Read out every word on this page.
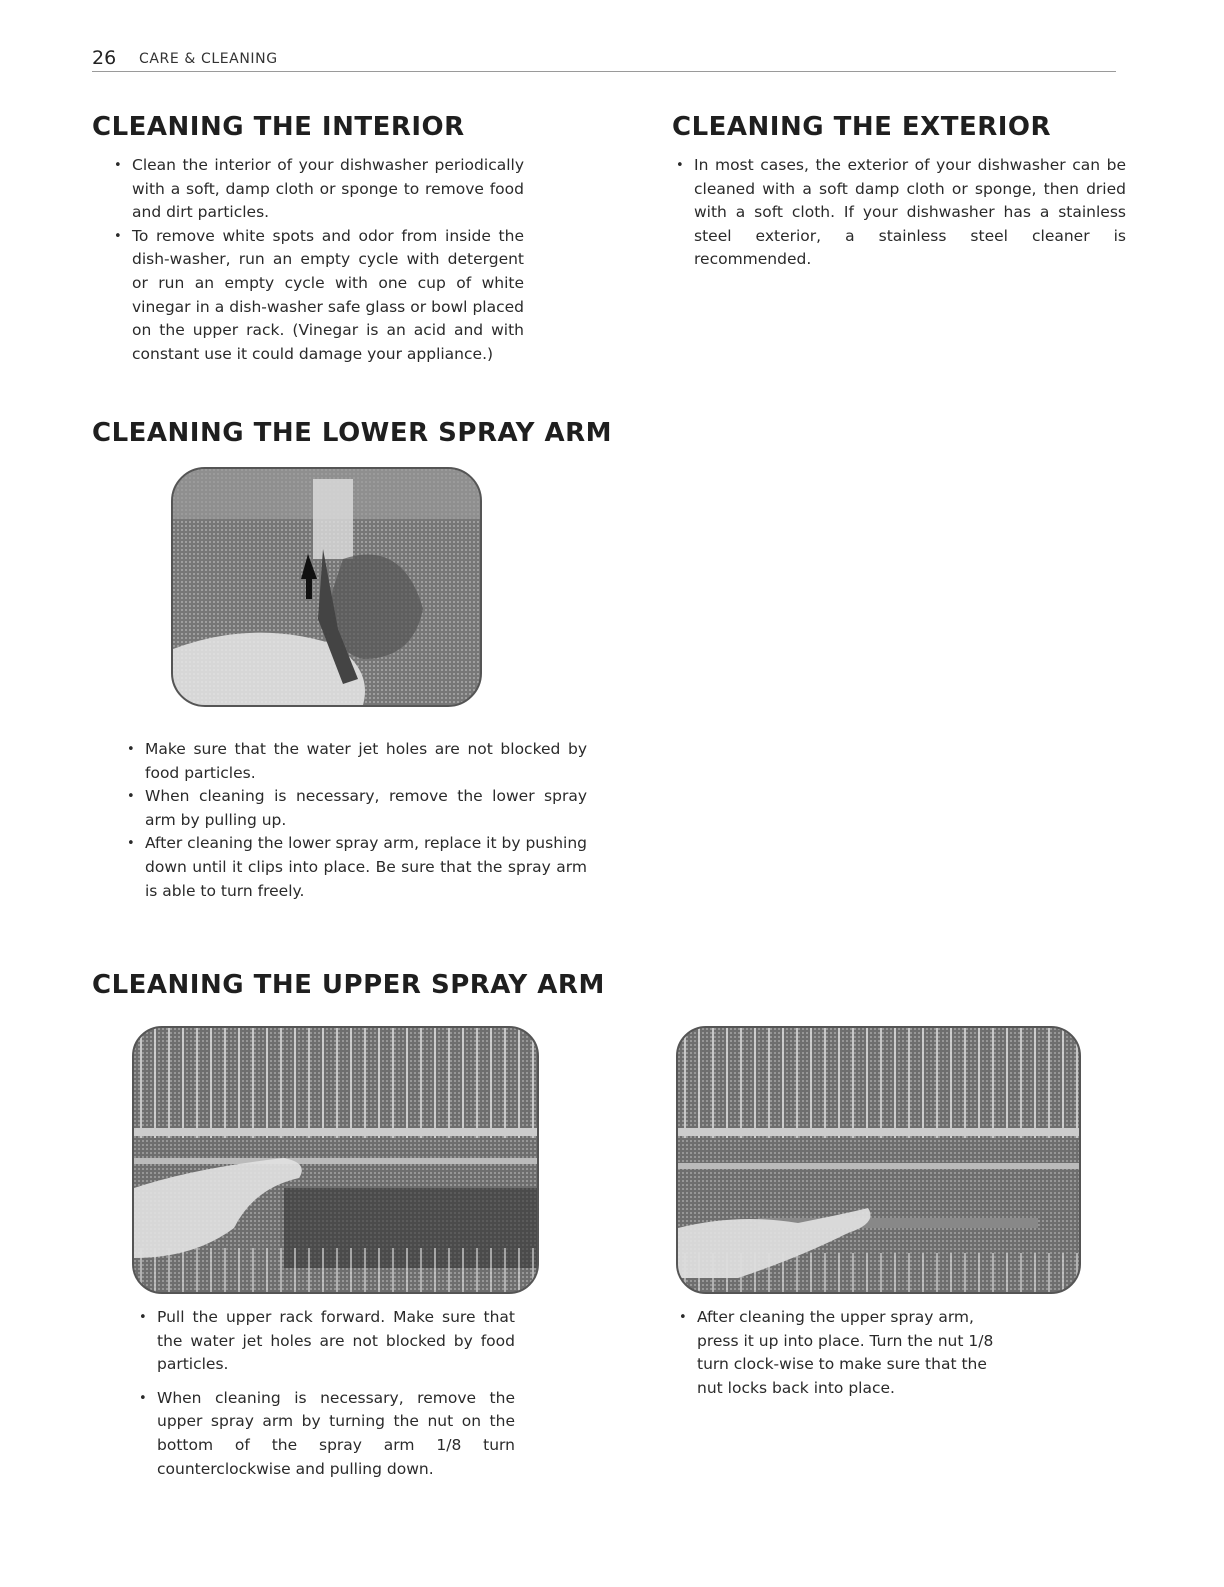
26 CARE & CLEANING
CLEANING THE INTERIOR
• Clean the interior of your dishwasher periodically with a soft, damp cloth or sponge to remove food and dirt particles.
• To remove white spots and odor from inside the dish-washer, run an empty cycle with detergent or run an empty cycle with one cup of white vinegar in a dish-washer safe glass or bowl placed on the upper rack. (Vinegar is an acid and with constant use it could damage your appliance.)
CLEANING THE EXTERIOR
• In most cases, the exterior of your dishwasher can be cleaned with a soft damp cloth or sponge, then dried with a soft cloth. If your dishwasher has a stainless steel exterior, a stainless steel cleaner is recommended.
CLEANING THE LOWER SPRAY ARM
• Make sure that the water jet holes are not blocked by food particles.
• When cleaning is necessary, remove the lower spray arm by pulling up.
• After cleaning the lower spray arm, replace it by pushing down until it clips into place. Be sure that the spray arm is able to turn freely.
CLEANING THE UPPER SPRAY ARM
• Pull the upper rack forward. Make sure that the water jet holes are not blocked by food particles.
• When cleaning is necessary, remove the upper spray arm by turning the nut on the bottom of the spray arm 1/8 turn counterclockwise and pulling down.
• After cleaning the upper spray arm, press it up into place. Turn the nut 1/8 turn clock-wise to make sure that the nut locks back into place.
